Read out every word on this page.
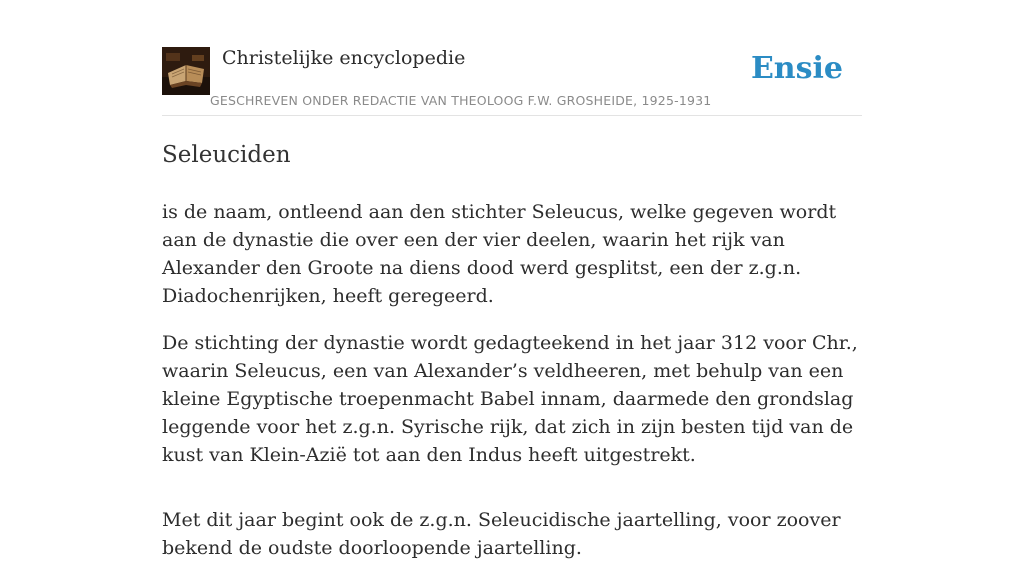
Christelijke encyclopedie
GESCHREVEN ONDER REDACTIE VAN THEOLOOG F.W. GROSHEIDE, 1925-1931
Ensie
Seleuciden

is de naam, ontleend aan den stichter Seleucus, welke gegeven wordt aan de dynastie die over een der vier deelen, waarin het rijk van Alexander den Groote na diens dood werd gesplitst, een der z.g.n. Diadochenrijken, heeft geregeerd.

De stichting der dynastie wordt gedagteekend in het jaar 312 voor Chr., waarin Seleucus, een van Alexander’s veldheeren, met behulp van een kleine Egyptische troepenmacht Babel innam, daarmede den grondslag leggende voor het z.g.n. Syrische rijk, dat zich in zijn besten tijd van de kust van Klein-Azië tot aan den Indus heeft uitgestrekt.

Met dit jaar begint ook de z.g.n. Seleucidische jaartelling, voor zoover bekend de oudste doorloopende jaartelling.
